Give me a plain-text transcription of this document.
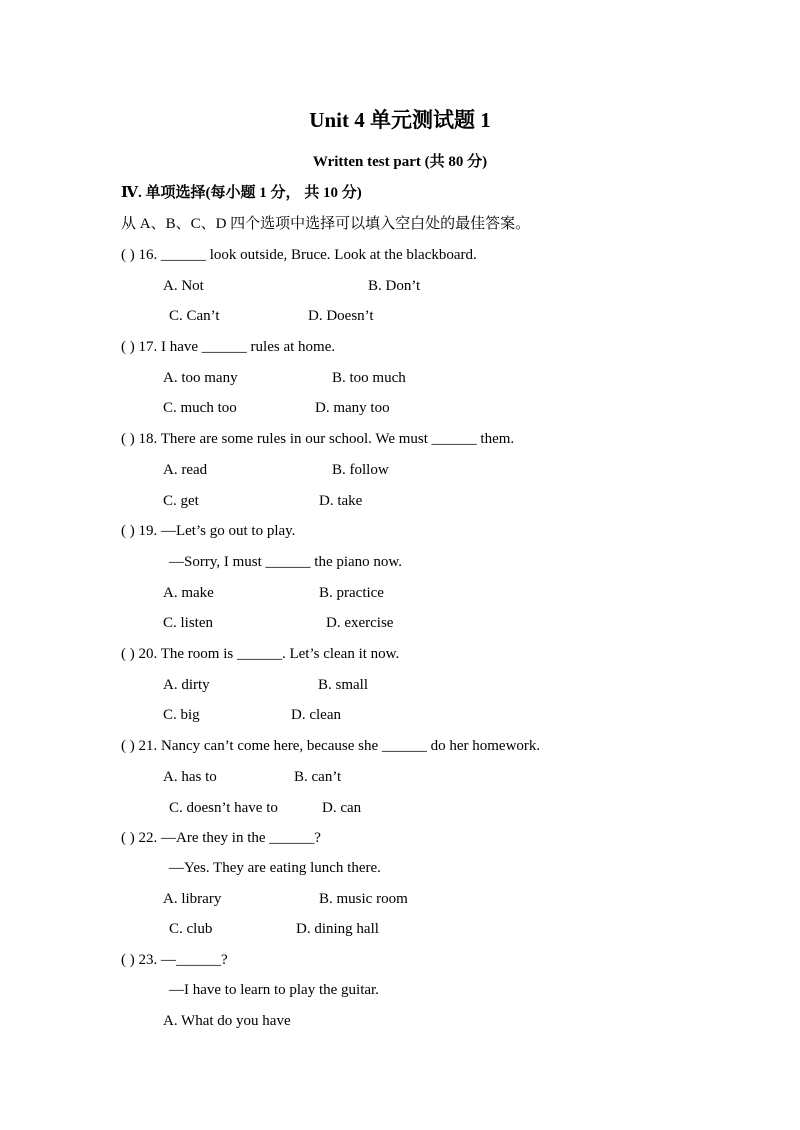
Unit 4 单元测试题 1
Written test part (共 80 分)
Ⅳ. 单项选择(每小题 1 分， 共 10 分)
从 A、B、C、D 四个选项中选择可以填入空白处的最佳答案。
( ) 16. ______ look outside, Bruce. Look at the blackboard.
A. Not	B. Don’t
C. Can’t	D. Doesn’t
( ) 17. I have ______ rules at home.
A. too many	B. too much
C. much too	D. many too
( ) 18. There are some rules in our school. We must ______ them.
A. read	B. follow
C. get	D. take
( ) 19. —Let’s go out to play.
—Sorry, I must ______ the piano now.
A. make	B. practice
C. listen	D. exercise
( ) 20. The room is ______. Let’s clean it now.
A. dirty	B. small
C. big	D. clean
( ) 21. Nancy can’t come here, because she ______ do her homework.
A. has to	B. can’t
C. doesn’t have to	D. can
( ) 22. —Are they in the ______?
—Yes. They are eating lunch there.
A. library	B. music room
C. club	D. dining hall
( ) 23. —______?
—I have to learn to play the guitar.
A. What do you have
